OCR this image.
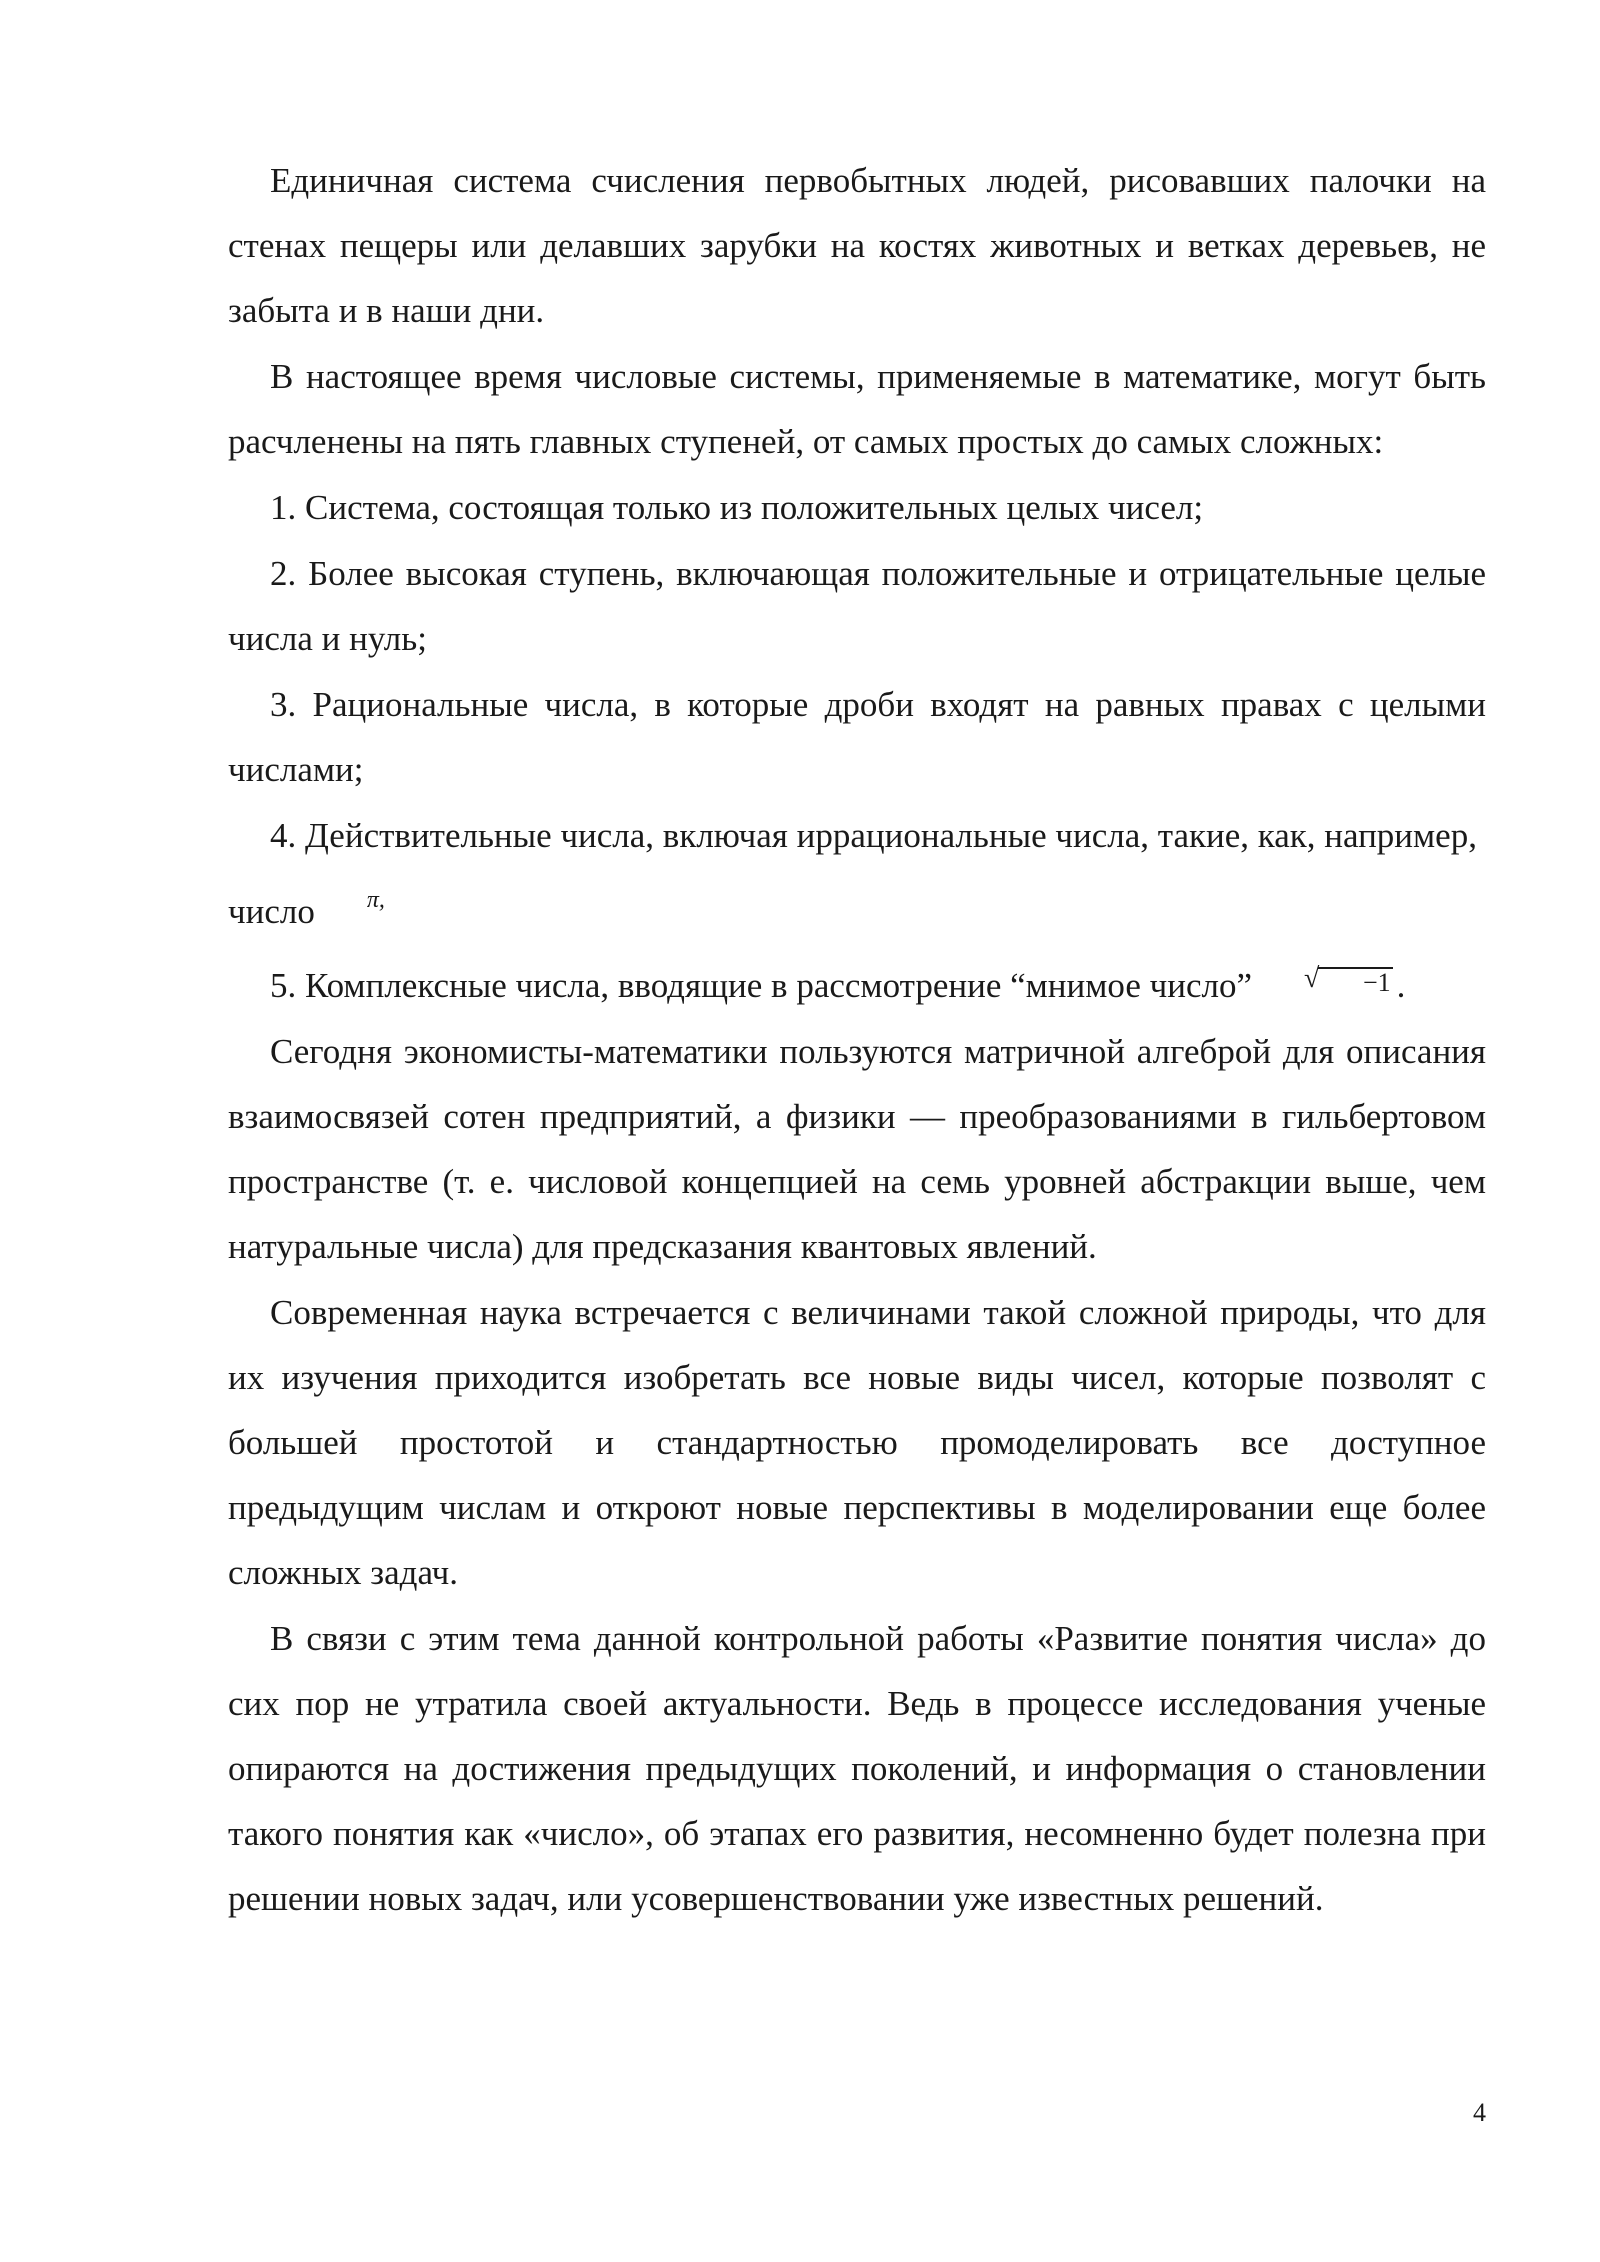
Единичная система счисления первобытных людей, рисовавших палочки на стенах пещеры или делавших зарубки на костях животных и ветках деревьев, не забыта и в наши дни.

В настоящее время числовые системы, применяемые в математике, могут быть расчленены на пять главных ступеней, от самых простых до самых сложных:

1. Система, состоящая только из положительных целых чисел;

2. Более высокая ступень, включающая положительные и отрицательные целые числа и нуль;

3. Рациональные числа, в которые дроби входят на равных правах с целыми числами;

4. Действительные числа, включая иррациональные числа, такие, как, например, число π,

5. Комплексные числа, вводящие в рассмотрение “мнимое число”	√ −1 .

Сегодня экономисты-математики пользуются матричной алгеброй для описания взаимосвязей сотен предприятий, а физики — преобразованиями в гильбертовом пространстве (т. е. числовой концепцией на семь уровней абстракции выше, чем натуральные числа) для предсказания квантовых явлений.

Современная наука встречается с величинами такой сложной природы, что для их изучения приходится изобретать все новые виды чисел, которые позволят с большей простотой и стандартностью промоделировать все доступное предыдущим числам и откроют новые перспективы в моделировании еще более сложных задач.

В связи с этим тема данной контрольной работы «Развитие понятия числа» до сих пор не утратила своей актуальности. Ведь в процессе исследования ученые опираются на достижения предыдущих поколений, и информация о становлении такого понятия как «число», об этапах его развития, несомненно будет полезна при решении новых задач, или усовершенствовании уже известных решений.

4
